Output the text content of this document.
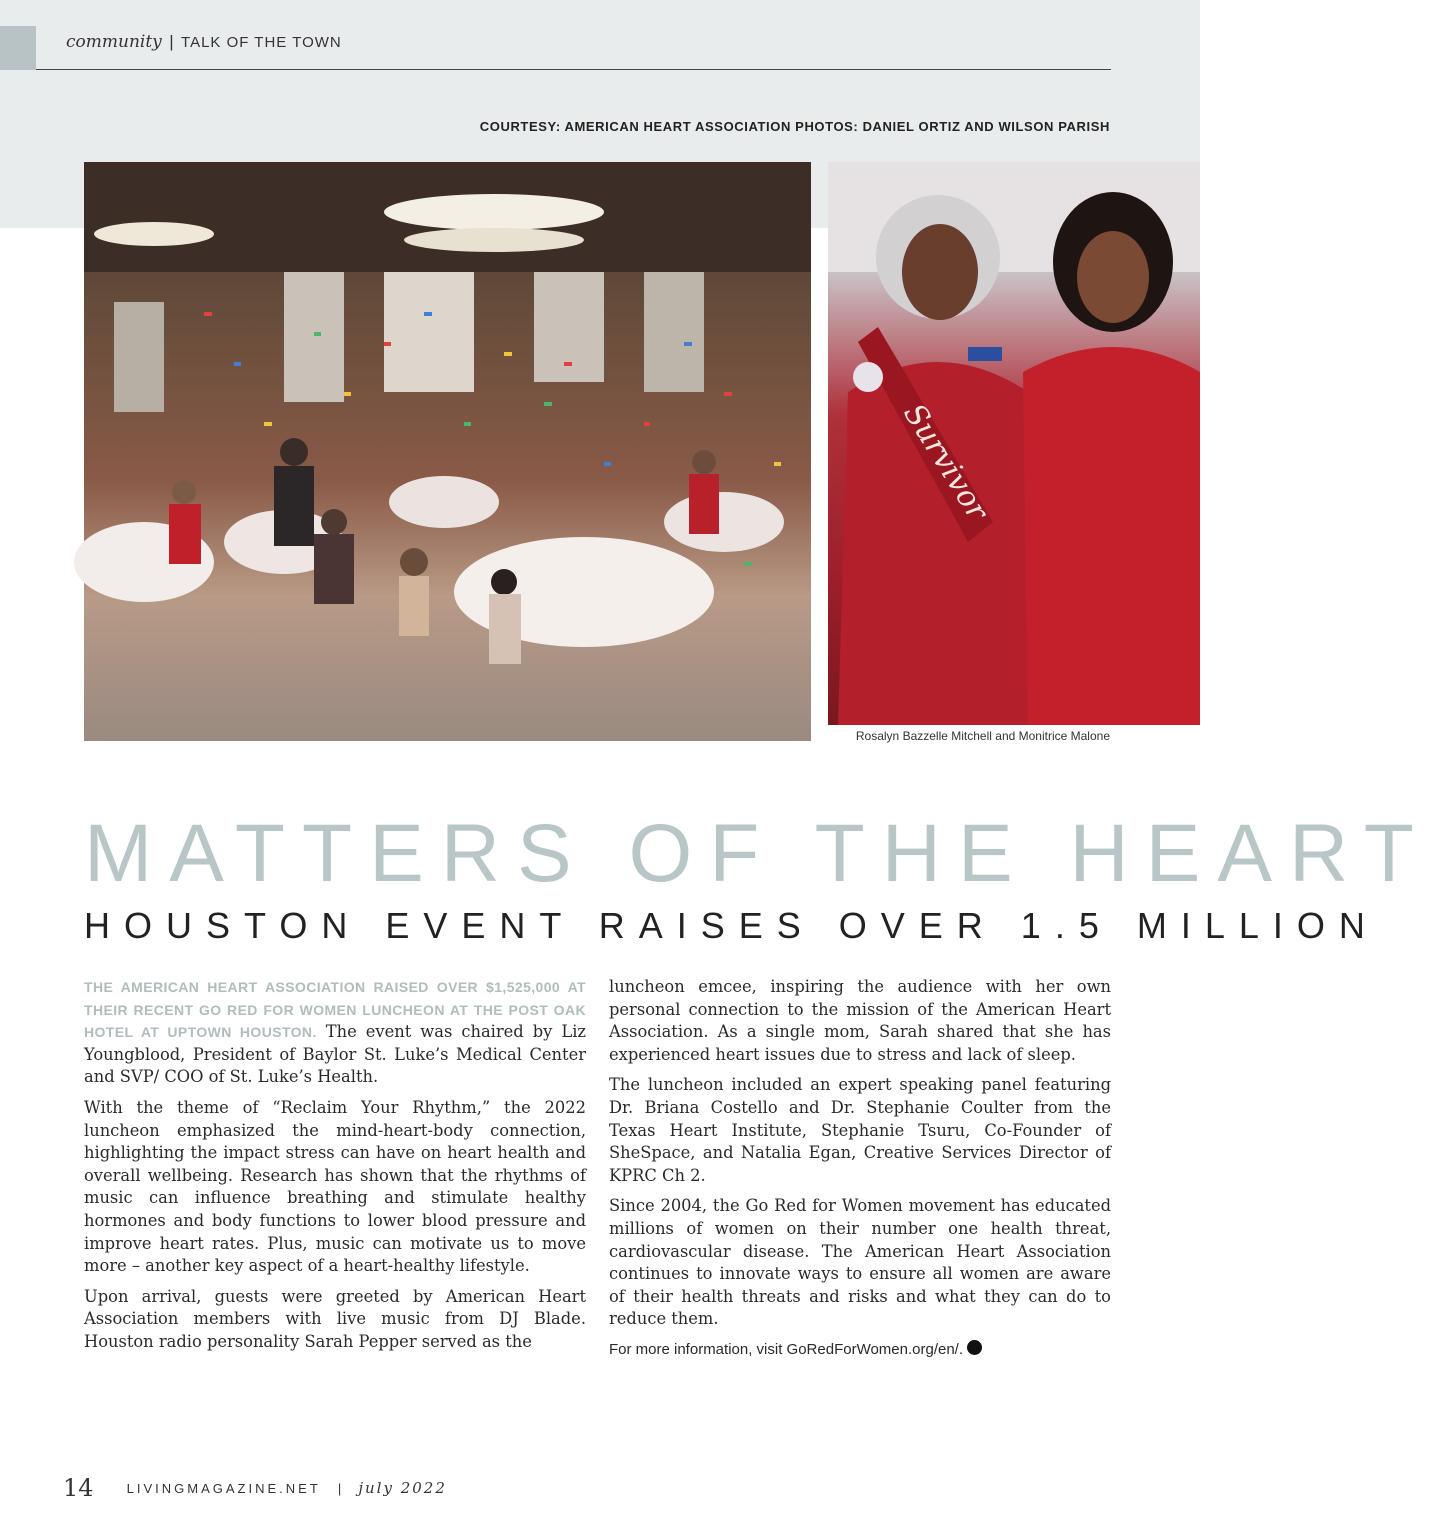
community | TALK OF THE TOWN
COURTESY: AMERICAN HEART ASSOCIATION PHOTOS: DANIEL ORTIZ AND WILSON PARISH
Survivor
Rosalyn Bazzelle Mitchell and Monitrice Malone
MATTERS OF THE HEART
HOUSTON EVENT RAISES OVER 1.5 MILLION

THE AMERICAN HEART ASSOCIATION RAISED OVER $1,525,000 AT THEIR RECENT GO RED FOR WOMEN LUNCHEON AT THE POST OAK HOTEL AT UPTOWN HOUSTON. The event was chaired by Liz Youngblood, President of Baylor St. Luke’s Medical Center and SVP/ COO of St. Luke’s Health.

With the theme of “Reclaim Your Rhythm,” the 2022 luncheon emphasized the mind-heart-body connection, highlighting the impact stress can have on heart health and overall wellbeing. Research has shown that the rhythms of music can influence breathing and stimulate healthy hormones and body functions to lower blood pressure and improve heart rates. Plus, music can motivate us to move more – another key aspect of a heart-healthy lifestyle.

Upon arrival, guests were greeted by American Heart Association members with live music from DJ Blade. Houston radio personality Sarah Pepper served as the

luncheon emcee, inspiring the audience with her own personal connection to the mission of the American Heart Association. As a single mom, Sarah shared that she has experienced heart issues due to stress and lack of sleep.

The luncheon included an expert speaking panel featuring Dr. Briana Costello and Dr. Stephanie Coulter from the Texas Heart Institute, Stephanie Tsuru, Co-Founder of SheSpace, and Natalia Egan, Creative Services Director of KPRC Ch 2.

Since 2004, the Go Red for Women movement has educated millions of women on their number one health threat, cardiovascular disease. The American Heart Association continues to innovate ways to ensure all women are aware of their health threats and risks and what they can do to reduce them.

For more information, visit GoRedForWomen.org/en/.

14	LIVINGMAGAZINE.NET | july 2022
